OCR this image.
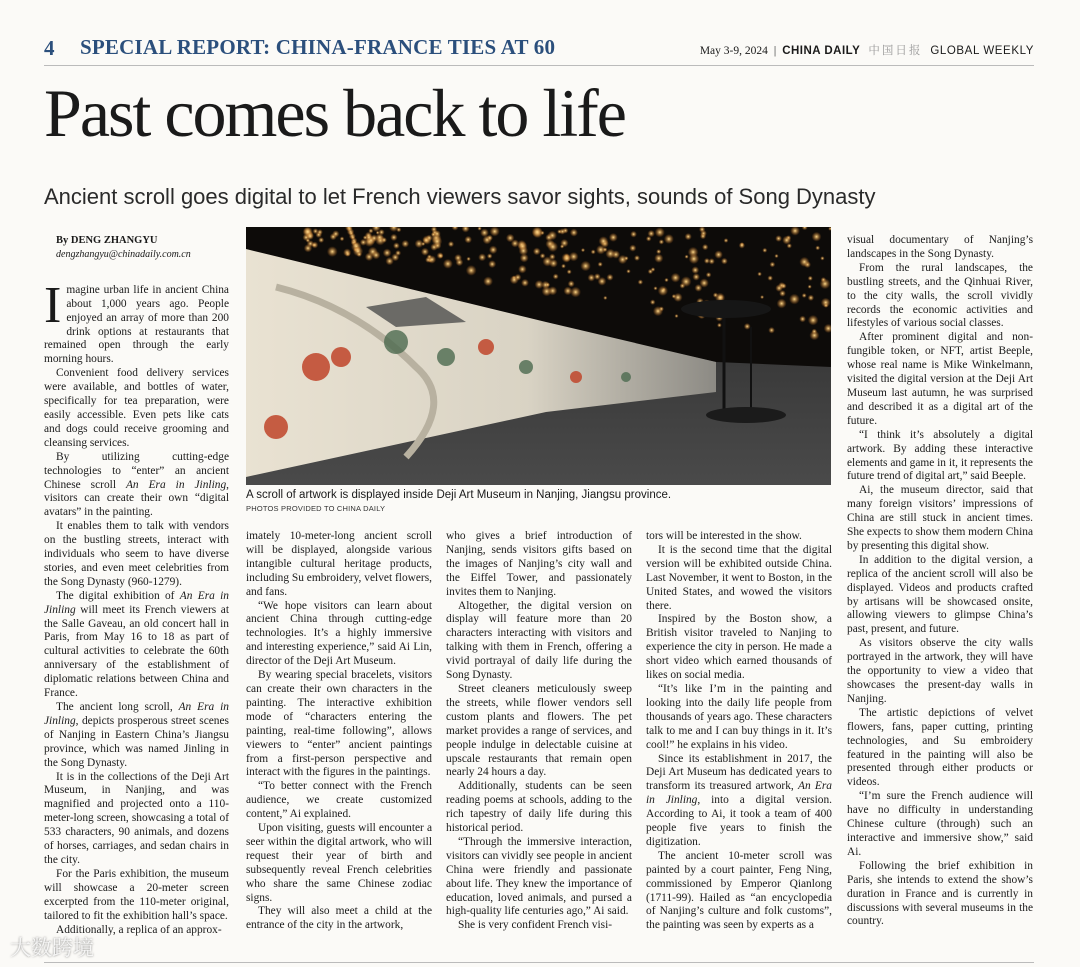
4 SPECIAL REPORT: CHINA-FRANCE TIES AT 60	May 3-9, 2024 | CHINA DAILY 中国日报 GLOBAL WEEKLY
Past comes back to life
Ancient scroll goes digital to let French viewers savor sights, sounds of Song Dynasty

By DENG ZHANGYU

dengzhangyu@chinadaily.com.cn

Imagine urban life in ancient China about 1,000 years ago. People enjoyed an array of more than 200 drink options at restaurants that remained open through the early morning hours.

Convenient food delivery services were available, and bottles of water, specifically for tea preparation, were easily accessible. Even pets like cats and dogs could receive grooming and cleansing services.

By utilizing cutting-edge technologies to “enter” an ancient Chinese scroll An Era in Jinling, visitors can create their own “digital avatars” in the painting.

It enables them to talk with vendors on the bustling streets, interact with individuals who seem to have diverse stories, and even meet celebrities from the Song Dynasty (960-1279).

The digital exhibition of An Era in Jinling will meet its French viewers at the Salle Gaveau, an old concert hall in Paris, from May 16 to 18 as part of cultural activities to celebrate the 60th anniversary of the establishment of diplomatic relations between China and France.

The ancient long scroll, An Era in Jinling, depicts prosperous street scenes of Nanjing in Eastern China’s Jiangsu province, which was named Jinling in the Song Dynasty.

It is in the collections of the Deji Art Museum, in Nanjing, and was magnified and projected onto a 110-meter-long screen, showcasing a total of 533 characters, 90 animals, and dozens of horses, carriages, and sedan chairs in the city.

For the Paris exhibition, the museum will showcase a 20-meter screen excerpted from the 110-meter original, tailored to fit the exhibition hall’s space.

Additionally, a replica of an approx-

A scroll of artwork is displayed inside Deji Art Museum in Nanjing, Jiangsu province.
PHOTOS PROVIDED TO CHINA DAILY

imately 10-meter-long ancient scroll will be displayed, alongside various intangible cultural heritage products, including Su embroidery, velvet flowers, and fans.

“We hope visitors can learn about ancient China through cutting-edge technologies. It’s a highly immersive and interesting experience,” said Ai Lin, director of the Deji Art Museum.

By wearing special bracelets, visitors can create their own characters in the painting. The interactive exhibition mode of “characters entering the painting, real-time following”, allows viewers to “enter” ancient paintings from a first-person perspective and interact with the figures in the paintings.

“To better connect with the French audience, we create customized content,” Ai explained.

Upon visiting, guests will encounter a seer within the digital artwork, who will request their year of birth and subsequently reveal French celebrities who share the same Chinese zodiac signs.

They will also meet a child at the entrance of the city in the artwork,

who gives a brief introduction of Nanjing, sends visitors gifts based on the images of Nanjing’s city wall and the Eiffel Tower, and passionately invites them to Nanjing.

Altogether, the digital version on display will feature more than 20 characters interacting with visitors and talking with them in French, offering a vivid portrayal of daily life during the Song Dynasty.

Street cleaners meticulously sweep the streets, while flower vendors sell custom plants and flowers. The pet market provides a range of services, and people indulge in delectable cuisine at upscale restaurants that remain open nearly 24 hours a day.

Additionally, students can be seen reading poems at schools, adding to the rich tapestry of daily life during this historical period.

“Through the immersive interaction, visitors can vividly see people in ancient China were friendly and passionate about life. They knew the importance of education, loved animals, and pursed a high-quality life centuries ago,” Ai said.

She is very confident French visi-

tors will be interested in the show.

It is the second time that the digital version will be exhibited outside China. Last November, it went to Boston, in the United States, and wowed the visitors there.

Inspired by the Boston show, a British visitor traveled to Nanjing to experience the city in person. He made a short video which earned thousands of likes on social media.

“It’s like I’m in the painting and looking into the daily life people from thousands of years ago. These characters talk to me and I can buy things in it. It’s cool!” he explains in his video.

Since its establishment in 2017, the Deji Art Museum has dedicated years to transform its treasured artwork, An Era in Jinling, into a digital version. According to Ai, it took a team of 400 people five years to finish the digitization.

The ancient 10-meter scroll was painted by a court painter, Feng Ning, commissioned by Emperor Qianlong (1711-99). Hailed as “an encyclopedia of Nanjing’s culture and folk customs”, the painting was seen by experts as a

visual documentary of Nanjing’s landscapes in the Song Dynasty.

From the rural landscapes, the bustling streets, and the Qinhuai River, to the city walls, the scroll vividly records the economic activities and lifestyles of various social classes.

After prominent digital and non-fungible token, or NFT, artist Beeple, whose real name is Mike Winkelmann, visited the digital version at the Deji Art Museum last autumn, he was surprised and described it as a digital art of the future.

“I think it’s absolutely a digital artwork. By adding these interactive elements and game in it, it represents the future trend of digital art,” said Beeple.

Ai, the museum director, said that many foreign visitors’ impressions of China are still stuck in ancient times. She expects to show them modern China by presenting this digital show.

In addition to the digital version, a replica of the ancient scroll will also be displayed. Videos and products crafted by artisans will be showcased onsite, allowing viewers to glimpse China’s past, present, and future.

As visitors observe the city walls portrayed in the artwork, they will have the opportunity to view a video that showcases the present-day walls in Nanjing.

The artistic depictions of velvet flowers, fans, paper cutting, printing technologies, and Su embroidery featured in the painting will also be presented through either products or videos.

“I’m sure the French audience will have no difficulty in understanding Chinese culture (through) such an interactive and immersive show,” said Ai.

Following the brief exhibition in Paris, she intends to extend the show’s duration in France and is currently in discussions with several museums in the country.

大数跨境
